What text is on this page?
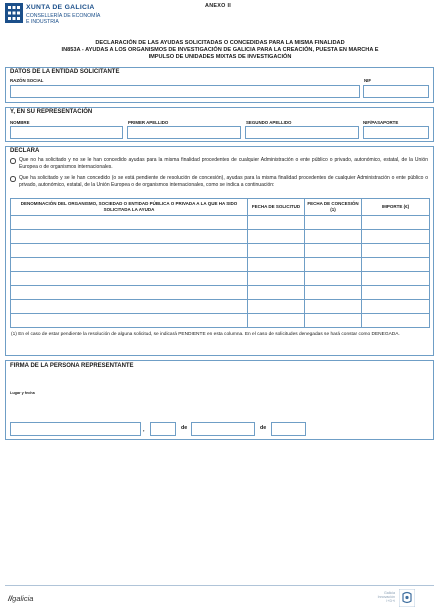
XUNTA DE GALICIA
CONSELLERÍA DE ECONOMÍA
E INDUSTRIA
ANEXO II
DECLARACIÓN DE LAS AYUDAS SOLICITADAS O CONCEDIDAS PARA LA MISMA FINALIDAD
IN853A - AYUDAS A LOS ORGANISMOS DE INVESTIGACIÓN DE GALICIA PARA LA CREACIÓN, PUESTA EN MARCHA E
IMPULSO DE UNIDADES MIXTAS DE INVESTIGACIÓN
DATOS DE LA ENTIDAD SOLICITANTE
RAZÓN SOCIAL	NIF
Y, EN SU REPRESENTACIÓN
NOMBRE	PRIMER APELLIDO	SEGUNDO APELLIDO	NIF/PASAPORTE
DECLARA
Que no ha solicitado y no se le han concedido ayudas para la misma finalidad procedentes de cualquier Administración o ente público o privado, autonómico, estatal, de la Unión Europea o de organismos internacionales.
Que ha solicitado y se le han concedido (o se está pendiente de resolución de concesión), ayudas para la misma finalidad procedentes de cualquier Administración o ente público o privado, autonómico, estatal, de la Unión Europea o de organismos internacionales, como se indica a continuación:
DENOMINACIÓN DEL ORGANISMO, SOCIEDAD O ENTIDAD PÚBLICA O PRIVADA A LA QUE HA SIDO SOLICITADA LA AYUDA	FECHA DE SOLICITUD	FECHA DE CONCESIÓN (1)	IMPORTE (€)

(1) En el caso de estar pendiente la resolución de alguna solicitud, se indicará PENDIENTE en esta columna. En el caso de solicitudes denegadas se hará constar como DENEGADA.
FIRMA DE LA PERSONA REPRESENTANTE
Lugar y fecha
,	de	de
//galicia
Galicia
Innovación
I+D+i
